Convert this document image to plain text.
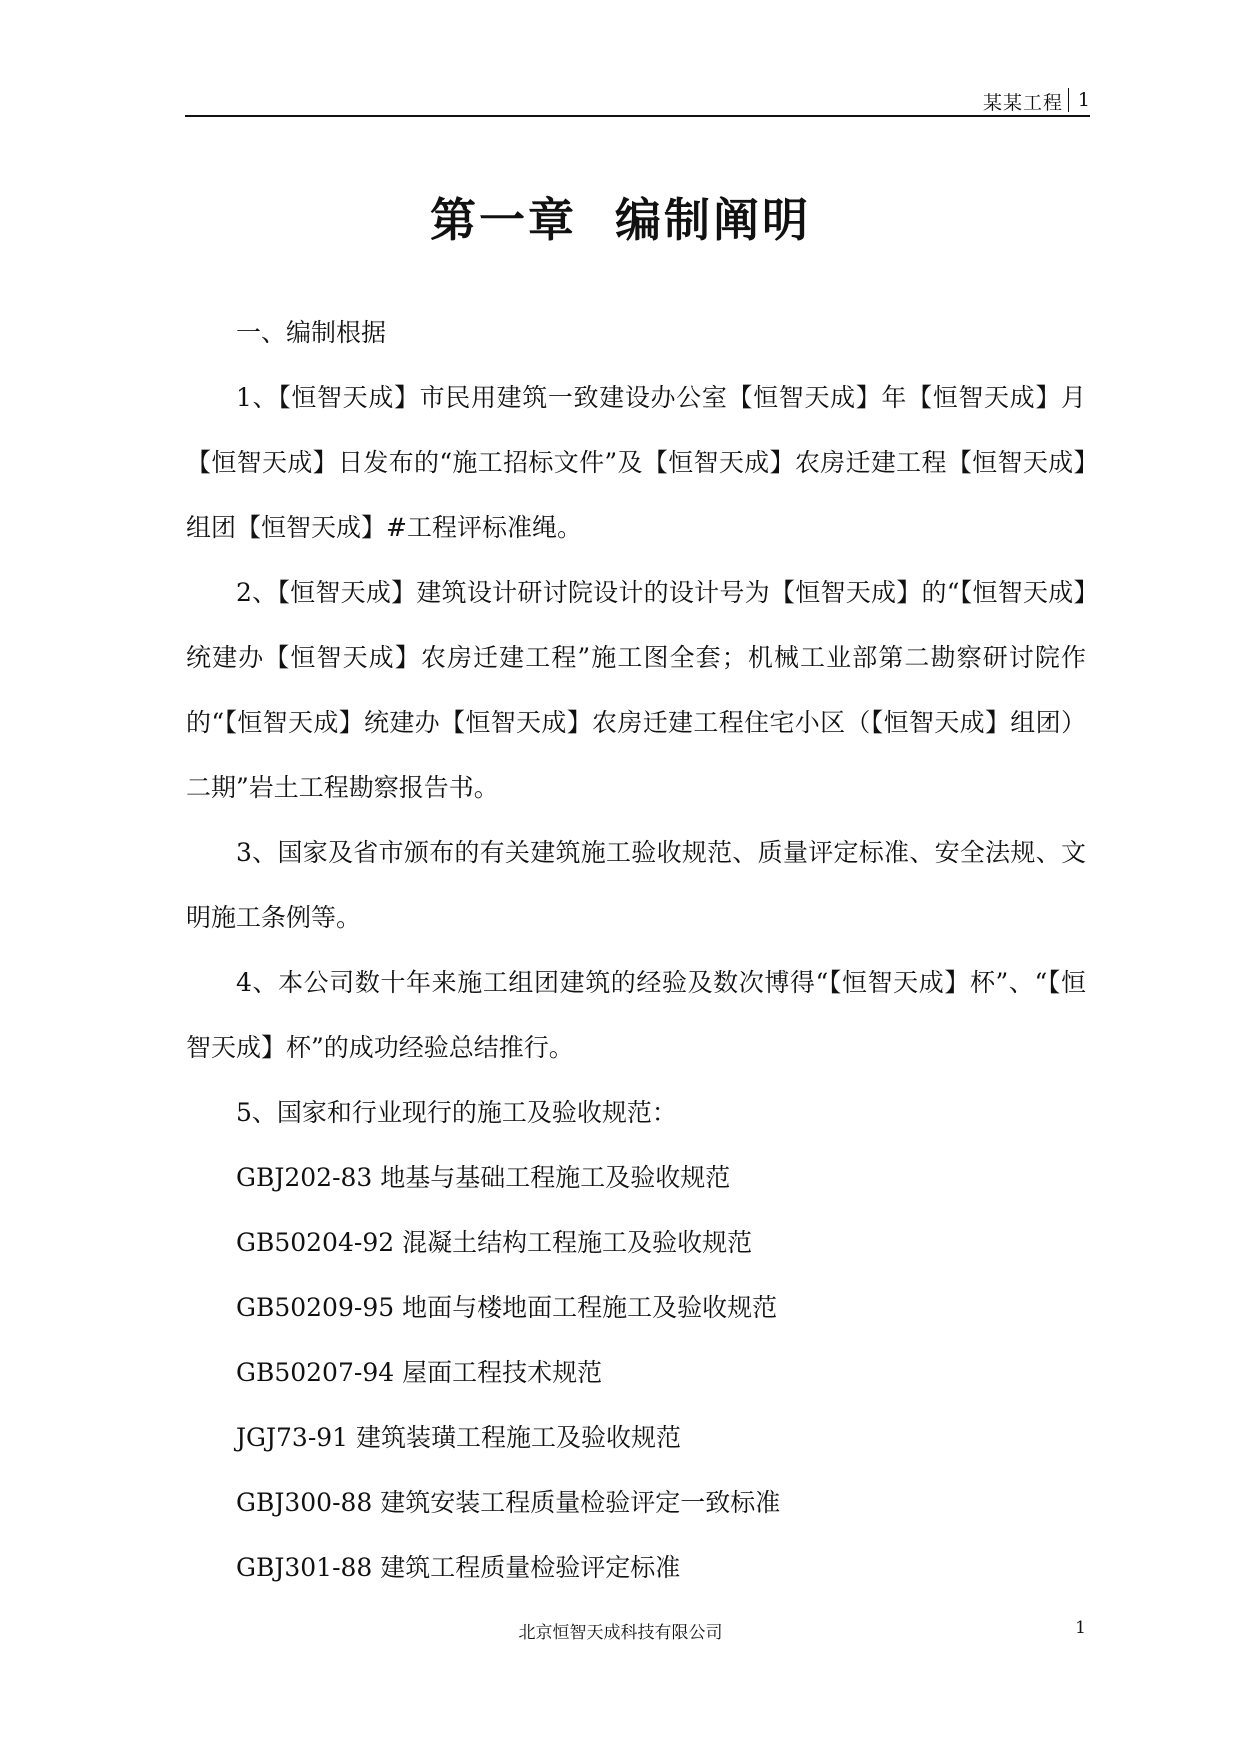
某某工程 1
第一章  编制阐明

一、编制根据

1、【恒智天成】市民用建筑一致建设办公室【恒智天成】年【恒智天成】月【恒智天成】日发布的“施工招标文件”及【恒智天成】农房迁建工程【恒智天成】组团【恒智天成】#工程评标准绳。

2、【恒智天成】建筑设计研讨院设计的设计号为【恒智天成】的“【恒智天成】统建办【恒智天成】农房迁建工程”施工图全套；机械工业部第二勘察研讨院作的“【恒智天成】统建办【恒智天成】农房迁建工程住宅小区（【恒智天成】组团）二期”岩土工程勘察报告书。

3、国家及省市颁布的有关建筑施工验收规范、质量评定标准、安全法规、文明施工条例等。

4、本公司数十年来施工组团建筑的经验及数次博得“【恒智天成】杯”、“【恒智天成】杯”的成功经验总结推行。

5、国家和行业现行的施工及验收规范：

GBJ202-83 地基与基础工程施工及验收规范

GB50204-92 混凝土结构工程施工及验收规范

GB50209-95 地面与楼地面工程施工及验收规范

GB50207-94 屋面工程技术规范

JGJ73-91 建筑装璜工程施工及验收规范

GBJ300-88 建筑安装工程质量检验评定一致标准

GBJ301-88 建筑工程质量检验评定标准

北京恒智天成科技有限公司	1
